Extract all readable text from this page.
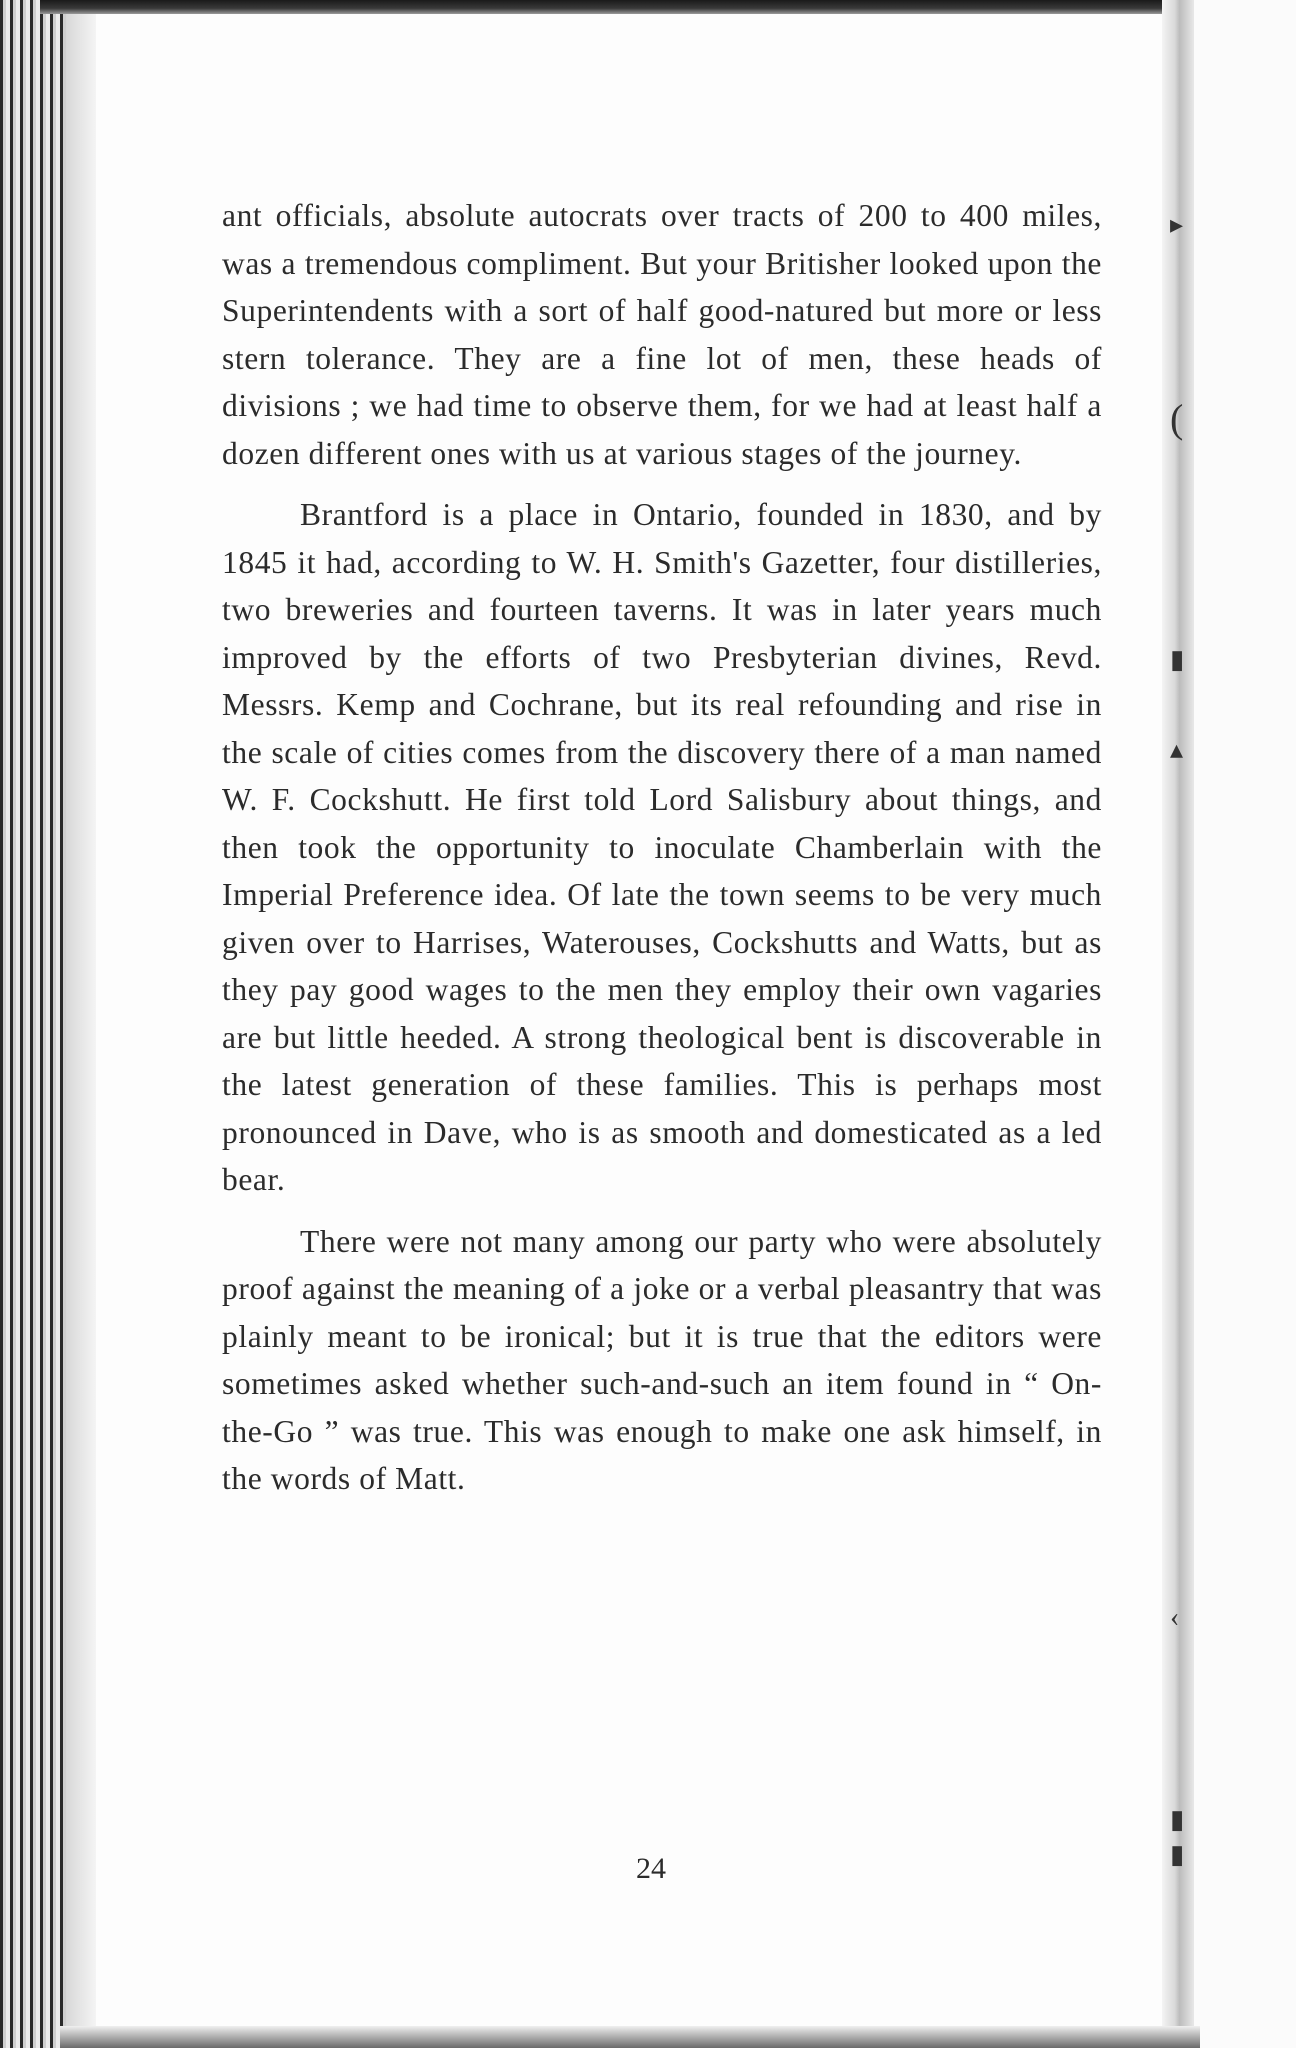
▸
(
▮
▴
‹
▮
▮

ant officials, absolute autocrats over tracts of 200 to 400 miles, was a tremendous compliment. But your Britisher looked upon the Superintendents with a sort of half good-natured but more or less stern tolerance. They are a fine lot of men, these heads of divisions ; we had time to observe them, for we had at least half a dozen different ones with us at various stages of the journey.

Brantford is a place in Ontario, founded in 1830, and by 1845 it had, according to W. H. Smith's Gazetter, four distilleries, two breweries and fourteen taverns. It was in later years much improved by the efforts of two Presbyterian divines, Revd. Messrs. Kemp and Cochrane, but its real refounding and rise in the scale of cities comes from the discovery there of a man named W. F. Cockshutt. He first told Lord Salisbury about things, and then took the opportunity to inoculate Chamberlain with the Imperial Preference idea. Of late the town seems to be very much given over to Harrises, Waterouses, Cockshutts and Watts, but as they pay good wages to the men they employ their own vagaries are but little heeded. A strong theological bent is discoverable in the latest generation of these families. This is perhaps most pronounced in Dave, who is as smooth and domesticated as a led bear.

There were not many among our party who were absolutely proof against the meaning of a joke or a verbal pleasantry that was plainly meant to be ironical; but it is true that the editors were sometimes asked whether such-and-such an item found in “ On-the-Go ” was true. This was enough to make one ask himself, in the words of Matt.

24
